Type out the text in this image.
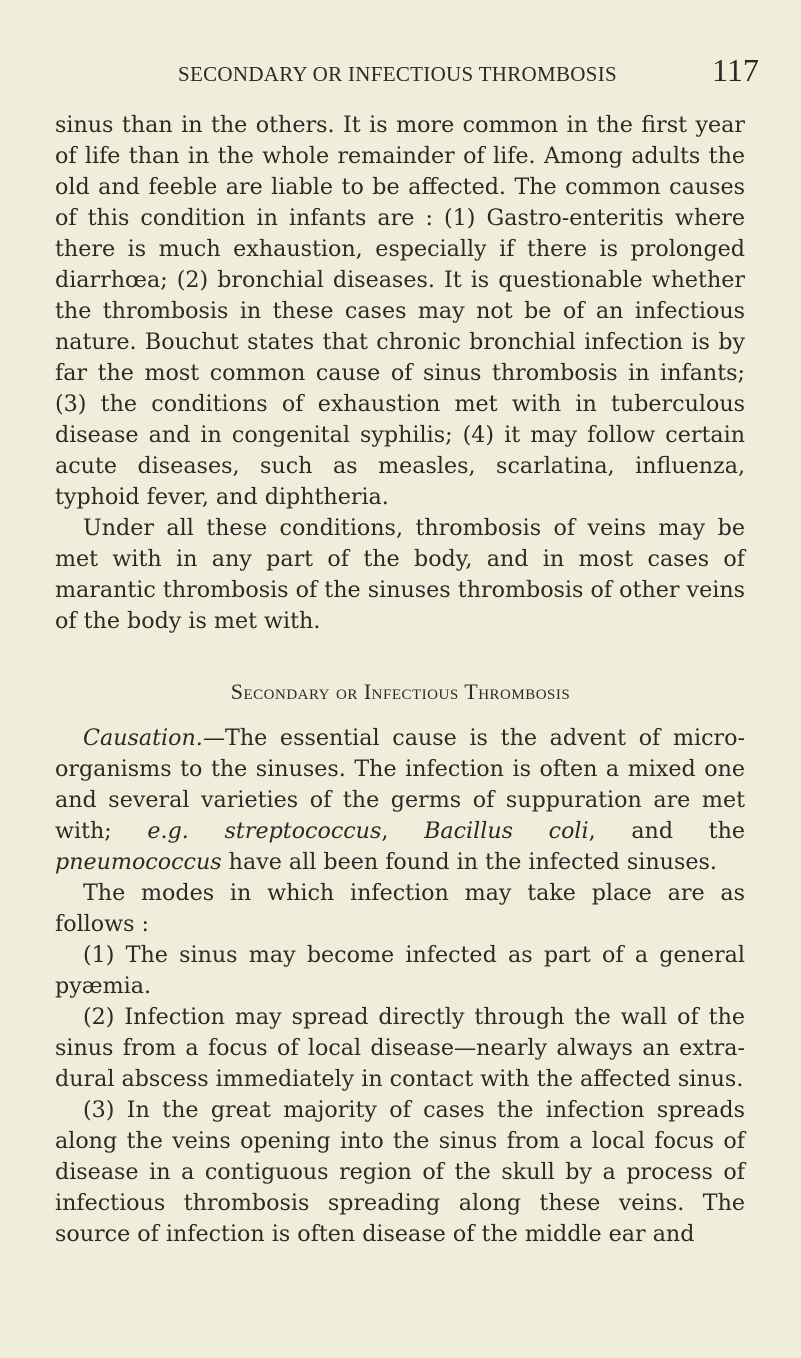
SECONDARY OR INFECTIOUS THROMBOSIS	117

sinus than in the others. It is more common in the first year of life than in the whole remainder of life. Among adults the old and feeble are liable to be affected. The common causes of this condition in infants are : (1) Gastro-enteritis where there is much exhaustion, especially if there is prolonged diarrhœa; (2) bronchial diseases. It is questionable whether the thrombosis in these cases may not be of an infectious nature. Bouchut states that chronic bronchial infection is by far the most common cause of sinus thrombosis in infants; (3) the conditions of exhaustion met with in tuberculous disease and in congenital syphilis; (4) it may follow certain acute diseases, such as measles, scarlatina, influenza, typhoid fever, and diphtheria.

Under all these conditions, thrombosis of veins may be met with in any part of the body, and in most cases of marantic thrombosis of the sinuses thrombosis of other veins of the body is met with.

Secondary or Infectious Thrombosis

Causation.—The essential cause is the advent of micro-organisms to the sinuses. The infection is often a mixed one and several varieties of the germs of suppuration are met with; e.g. streptococcus, Bacillus coli, and the pneumococcus have all been found in the infected sinuses.

The modes in which infection may take place are as follows :

(1) The sinus may become infected as part of a general pyæmia.

(2) Infection may spread directly through the wall of the sinus from a focus of local disease—nearly always an extra-dural abscess immediately in contact with the affected sinus.

(3) In the great majority of cases the infection spreads along the veins opening into the sinus from a local focus of disease in a contiguous region of the skull by a process of infectious thrombosis spreading along these veins. The source of infection is often disease of the middle ear and
